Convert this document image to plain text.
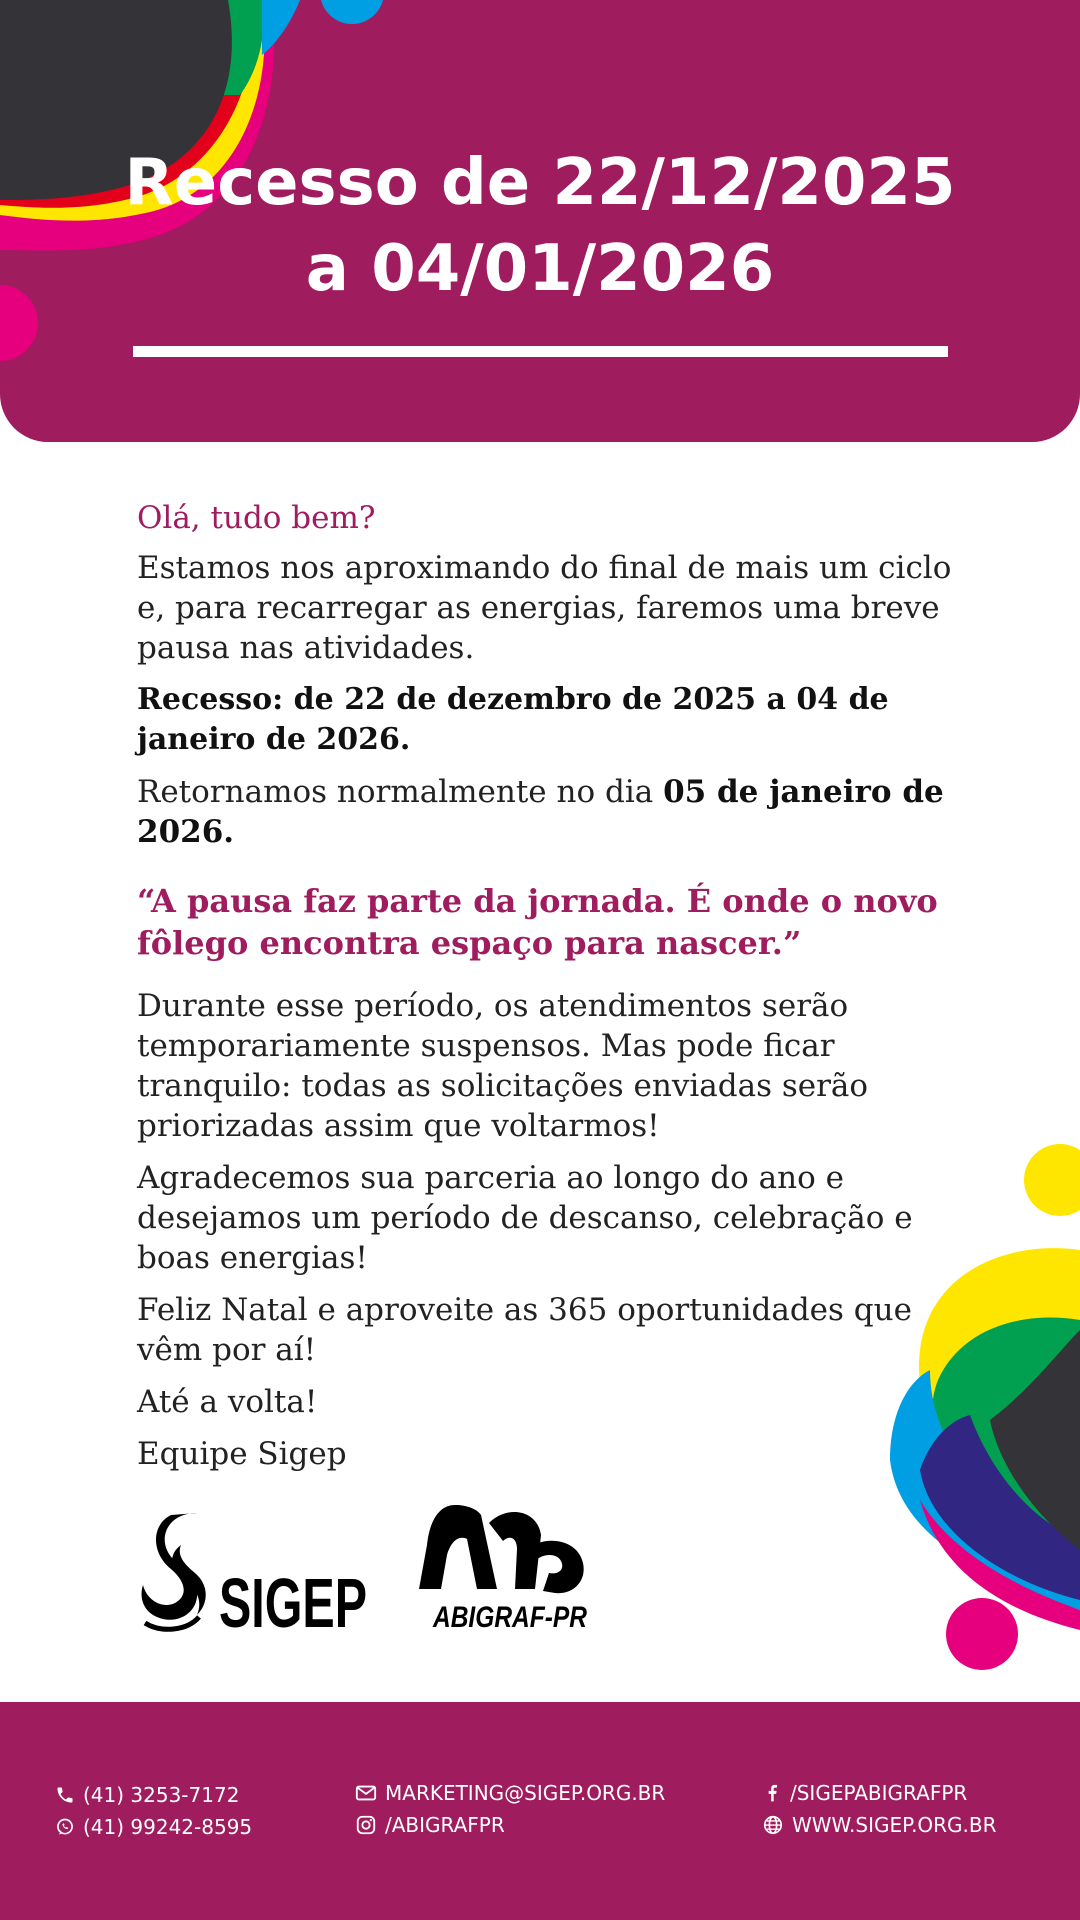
Recesso de 22/12/2025
a 04/01/2026

Olá, tudo bem?

Estamos nos aproximando do final de mais um ciclo e, para recarregar as energias, faremos uma breve pausa nas atividades.

Recesso: de 22 de dezembro de 2025 a 04 de janeiro de 2026.

Retornamos normalmente no dia 05 de janeiro de 2026.

“A pausa faz parte da jornada. É onde o novo fôlego encontra espaço para nascer.”

Durante esse período, os atendimentos serão temporariamente suspensos. Mas pode ficar tranquilo: todas as solicitações enviadas serão priorizadas assim que voltarmos!

Agradecemos sua parceria ao longo do ano e desejamos um período de descanso, celebração e boas energias!

Feliz Natal e aproveite as 365 oportunidades que vêm por aí!

Até a volta!

Equipe Sigep

SIGEP ABIGRAF-PR
(41) 3253-7172
(41) 99242-8595
MARKETING@SIGEP.ORG.BR
/ABIGRAFPR
/SIGEPABIGRAFPR
WWW.SIGEP.ORG.BR
